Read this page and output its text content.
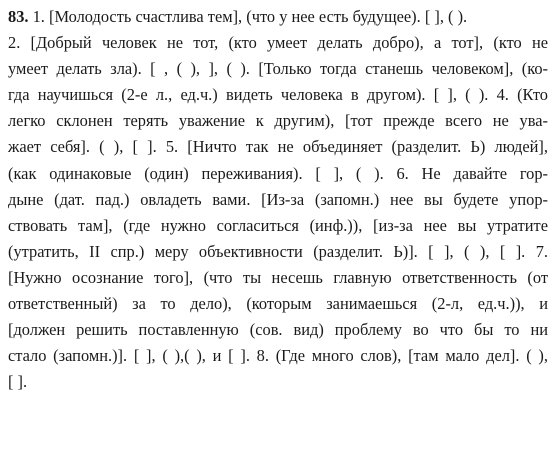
83. 1. [Молодость счастлива тем], (что у нее есть будущее). [ ], ( ).
2. [Добрый человек не тот, (кто умеет делать добро), а тот], (кто не
умеет делать зла). [ , ( ), ], ( ). [Только тогда станешь человеком], (ко-
гда научишься (2-е л., ед.ч.) видеть человека в другом). [ ], ( ). 4. (Кто
легко склонен терять уважение к другим), [тот прежде всего не ува-
жает себя]. ( ), [ ]. 5. [Ничто так не объединяет (разделит. Ь) людей],
(как одинаковые (один) переживания). [ ], ( ). 6. Не давайте гор-
дыне (дат. пад.) овладеть вами. [Из-за (запомн.) нее вы будете упор-
ствовать там], (где нужно согласиться (инф.)), [из-за нее вы утратите
(утратить, II спр.) меру объективности (разделит. Ь)]. [ ], ( ), [ ]. 7.
[Нужно осознание того], (что ты несешь главную ответственность (от
ответственный) за то дело), (которым занимаешься (2-л, ед.ч.)), и
[должен решить поставленную (сов. вид) проблему во что бы то ни
стало (запомн.)]. [ ], ( ),( ), и [ ]. 8. (Где много слов), [там мало дел]. ( ),
[ ].
